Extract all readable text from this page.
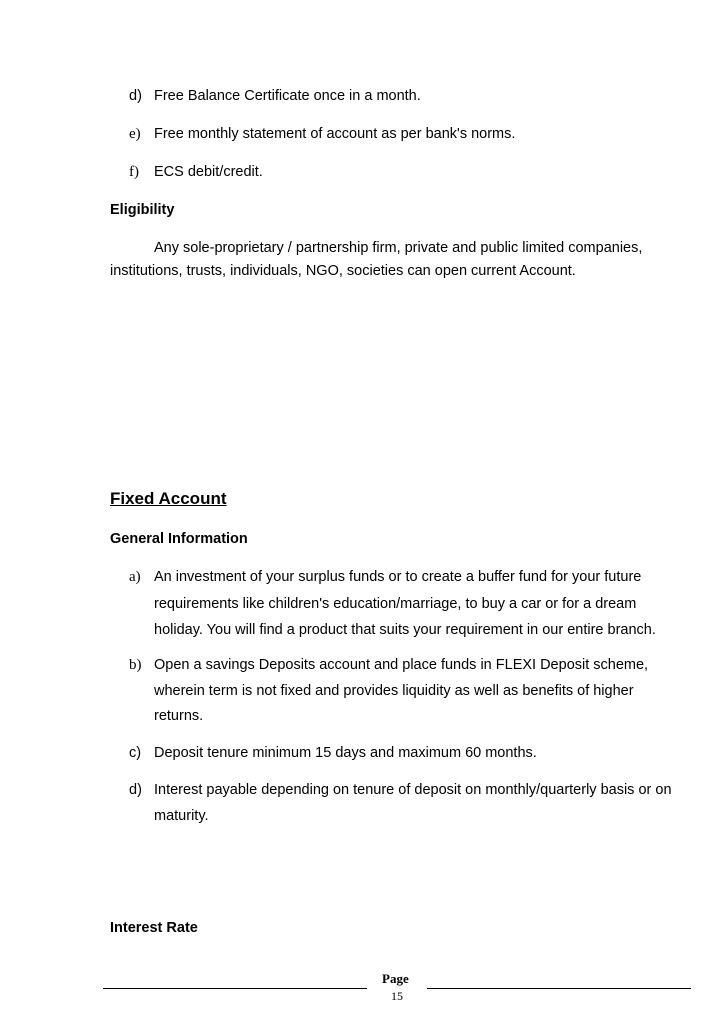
d) Free Balance Certificate once in a month.
e) Free monthly statement of account as per bank's norms.
f) ECS debit/credit.
Eligibility
Any sole-proprietary / partnership firm, private and public limited companies,
institutions, trusts, individuals, NGO, societies can open current Account.
Fixed Account
General Information
a) An investment of your surplus funds or to create a buffer fund for your future
requirements like children's education/marriage, to buy a car or for a dream
holiday. You will find a product that suits your requirement in our entire branch.
b) Open a savings Deposits account and place funds in FLEXI Deposit scheme,
wherein term is not fixed and provides liquidity as well as benefits of higher
returns.
c) Deposit tenure minimum 15 days and maximum 60 months.
d) Interest payable depending on tenure of deposit on monthly/quarterly basis or on
maturity.
Interest Rate
Page
15
